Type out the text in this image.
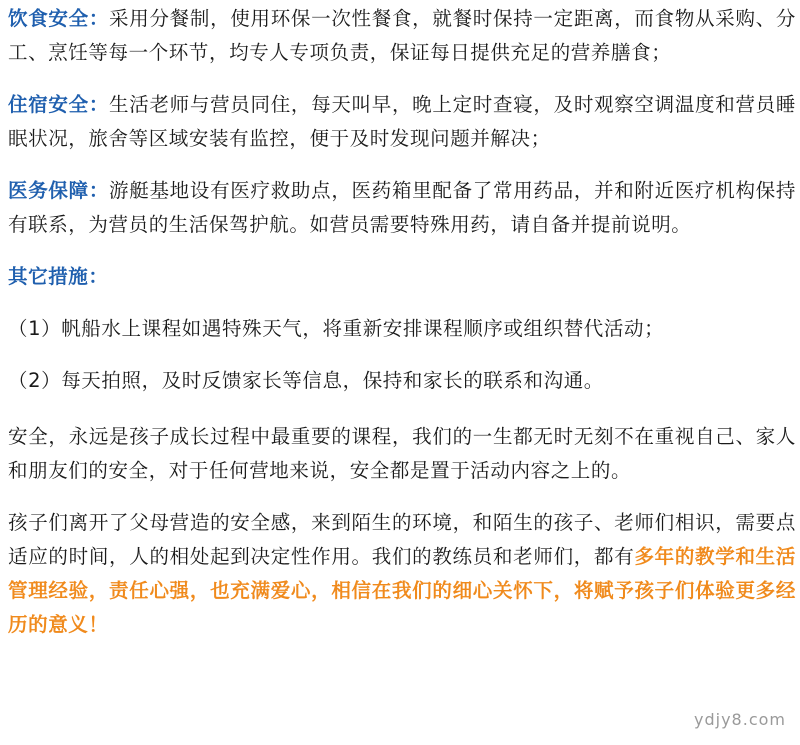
饮食安全：采用分餐制，使用环保一次性餐食，就餐时保持一定距离，而食物从采购、分工、烹饪等每一个环节，均专人专项负责，保证每日提供充足的营养膳食；

住宿安全：生活老师与营员同住，每天叫早，晚上定时查寝，及时观察空调温度和营员睡眠状况，旅舍等区域安装有监控，便于及时发现问题并解决；

医务保障：游艇基地设有医疗救助点，医药箱里配备了常用药品，并和附近医疗机构保持有联系，为营员的生活保驾护航。如营员需要特殊用药，请自备并提前说明。

其它措施：

（1）帆船水上课程如遇特殊天气，将重新安排课程顺序或组织替代活动；

（2）每天拍照，及时反馈家长等信息，保持和家长的联系和沟通。

安全，永远是孩子成长过程中最重要的课程，我们的一生都无时无刻不在重视自己、家人和朋友们的安全，对于任何营地来说，安全都是置于活动内容之上的。

孩子们离开了父母营造的安全感，来到陌生的环境，和陌生的孩子、老师们相识，需要点适应的时间，人的相处起到决定性作用。我们的教练员和老师们，都有多年的教学和生活管理经验，责任心强，也充满爱心，相信在我们的细心关怀下，将赋予孩子们体验更多经历的意义！

ydjy8.com
